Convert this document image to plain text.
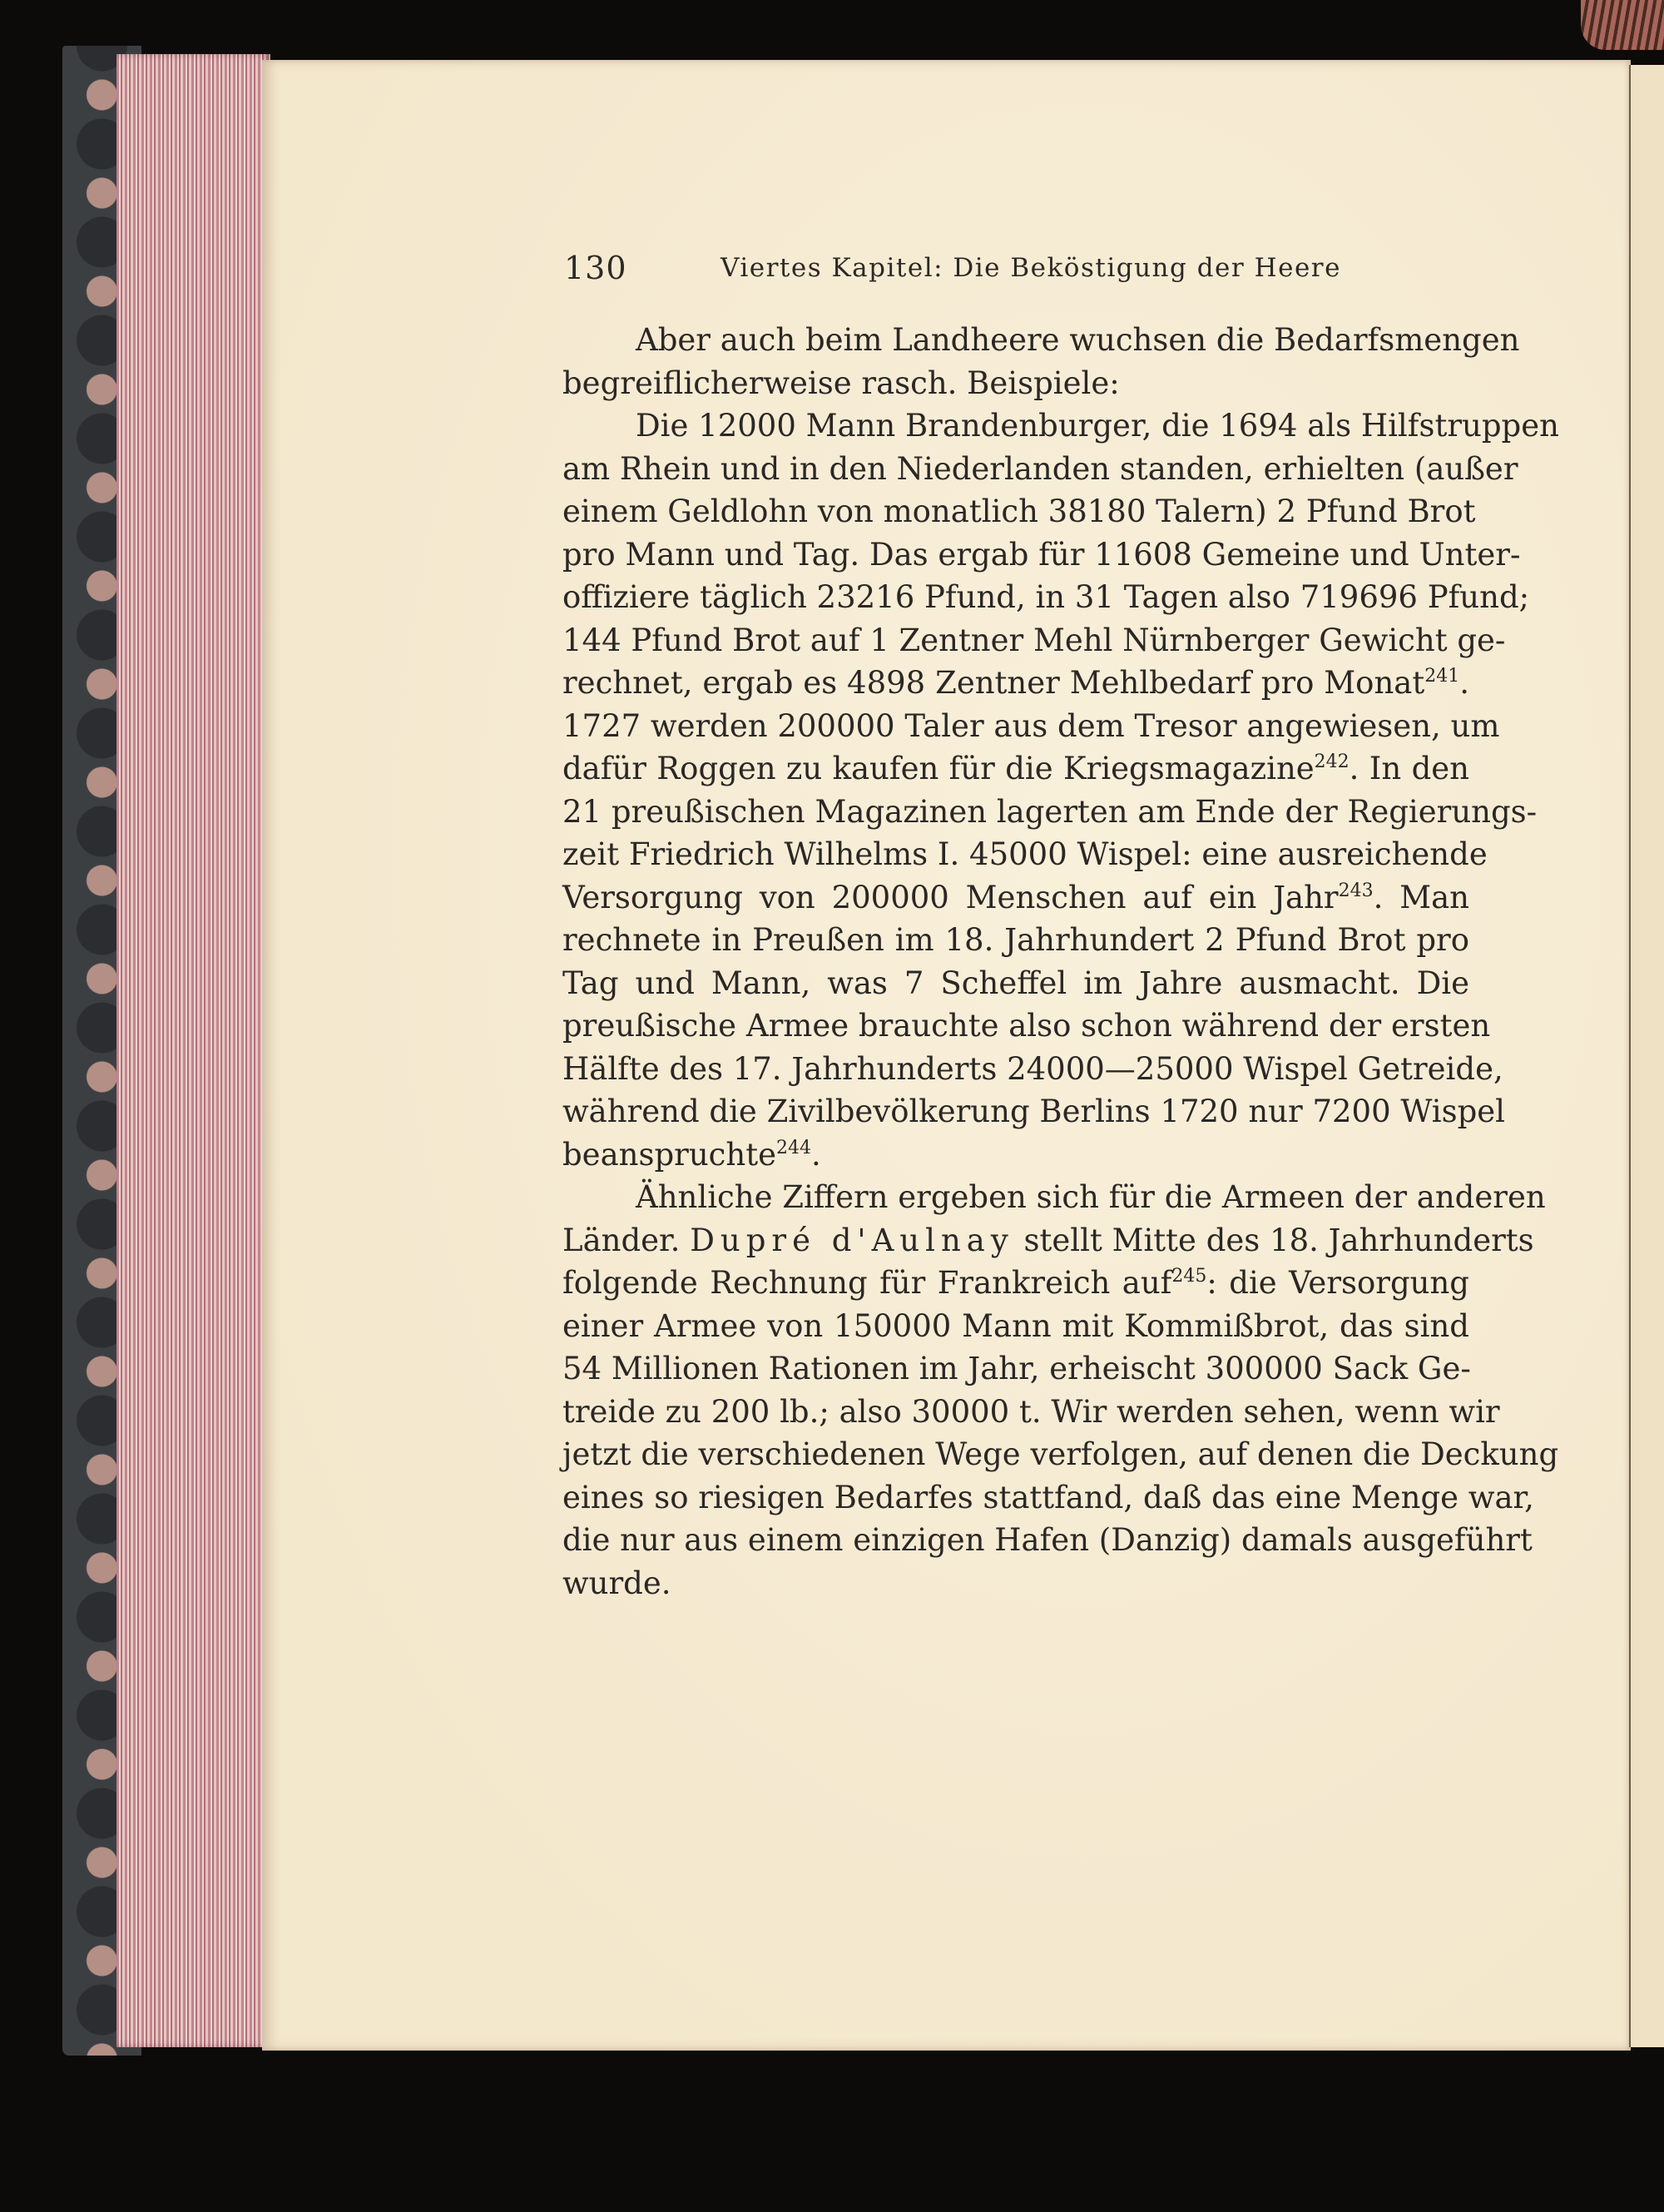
130	Viertes Kapitel: Die Beköstigung der Heere
Aber auch beim Landheere wuchsen die Bedarfsmengen
begreiflicherweise rasch. Beispiele:
Die 12000 Mann Brandenburger, die 1694 als Hilfstruppen
am Rhein und in den Niederlanden standen, erhielten (außer
einem Geldlohn von monatlich 38180 Talern) 2 Pfund Brot
pro Mann und Tag. Das ergab für 11608 Gemeine und Unter-
offiziere täglich 23216 Pfund, in 31 Tagen also 719696 Pfund;
144 Pfund Brot auf 1 Zentner Mehl Nürnberger Gewicht ge-
rechnet, ergab es 4898 Zentner Mehlbedarf pro Monat$^{241}$.
1727 werden 200000 Taler aus dem Tresor angewiesen, um
dafür Roggen zu kaufen für die Kriegsmagazine$^{242}$. In den
21 preußischen Magazinen lagerten am Ende der Regierungs-
zeit Friedrich Wilhelms I. 45000 Wispel: eine ausreichende
Versorgung von 200000 Menschen auf ein Jahr$^{243}$. Man
rechnete in Preußen im 18. Jahrhundert 2 Pfund Brot pro
Tag und Mann, was 7 Scheffel im Jahre ausmacht. Die
preußische Armee brauchte also schon während der ersten
Hälfte des 17. Jahrhunderts 24000—25000 Wispel Getreide,
während die Zivilbevölkerung Berlins 1720 nur 7200 Wispel
beanspruchte$^{244}$.
Ähnliche Ziffern ergeben sich für die Armeen der anderen
Länder. Dupré d'Aulnay stellt Mitte des 18. Jahrhunderts
folgende Rechnung für Frankreich auf$^{245}$: die Versorgung
einer Armee von 150000 Mann mit Kommißbrot, das sind
54 Millionen Rationen im Jahr, erheischt 300000 Sack Ge-
treide zu 200 lb.; also 30000 t. Wir werden sehen, wenn wir
jetzt die verschiedenen Wege verfolgen, auf denen die Deckung
eines so riesigen Bedarfes stattfand, daß das eine Menge war,
die nur aus einem einzigen Hafen (Danzig) damals ausgeführt
wurde.
